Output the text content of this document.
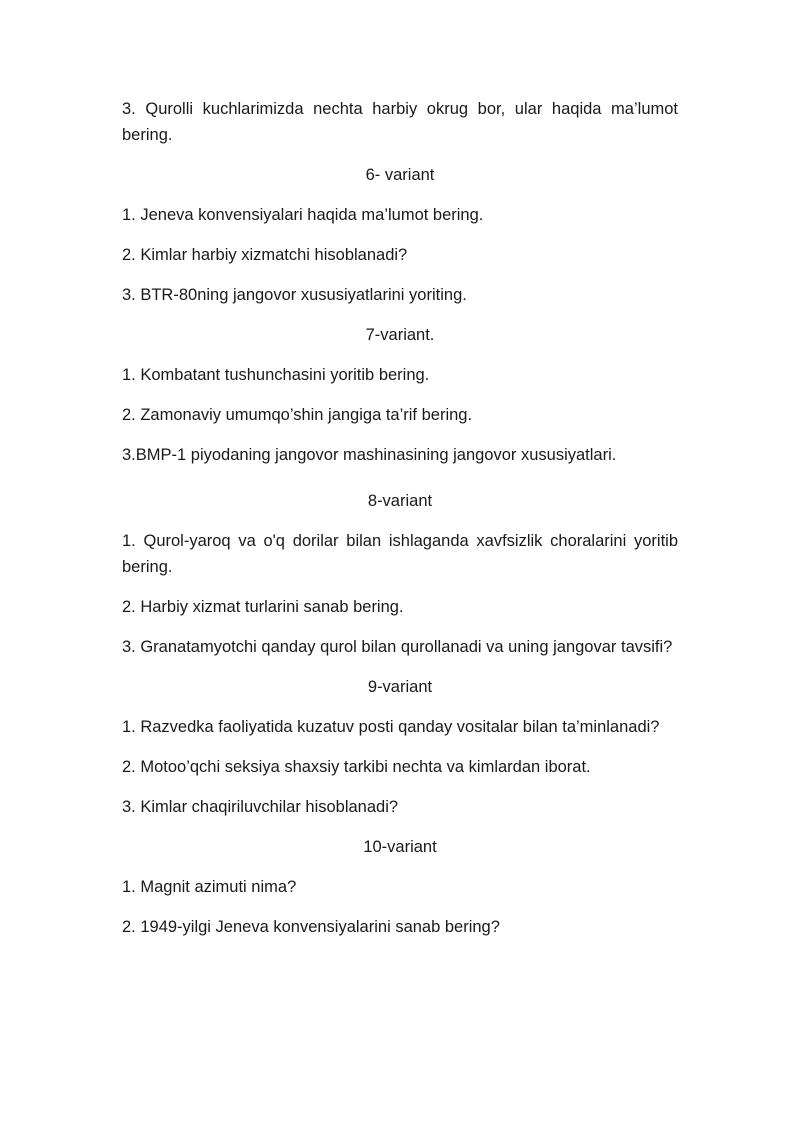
3. Qurolli kuchlarimizda nechta harbiy okrug bor, ular haqida ma’lumot bering.

6- variant

1. Jeneva konvensiyalari haqida ma’lumot bering.

2. Kimlar harbiy xizmatchi hisoblanadi?

3. BTR-80ning jangovor xususiyatlarini yoriting.

7-variant.

1. Kombatant tushunchasini yoritib bering.

2. Zamonaviy umumqo’shin jangiga ta’rif bering.

3.BMP-1 piyodaning jangovor mashinasining jangovor xususiyatlari.

8-variant

1. Qurol-yaroq va o'q dorilar bilan ishlaganda xavfsizlik choralarini yoritib bering.

2. Harbiy xizmat turlarini sanab bering.

3. Granatamyotchi qanday qurol bilan qurollanadi va uning jangovar tavsifi?

9-variant

1. Razvedka faoliyatida kuzatuv posti qanday vositalar bilan ta’minlanadi?

2. Motoo’qchi seksiya shaxsiy tarkibi nechta va kimlardan iborat.

3. Kimlar chaqiriluvchilar hisoblanadi?

10-variant

1. Magnit azimuti nima?

2. 1949-yilgi Jeneva konvensiyalarini sanab bering?
